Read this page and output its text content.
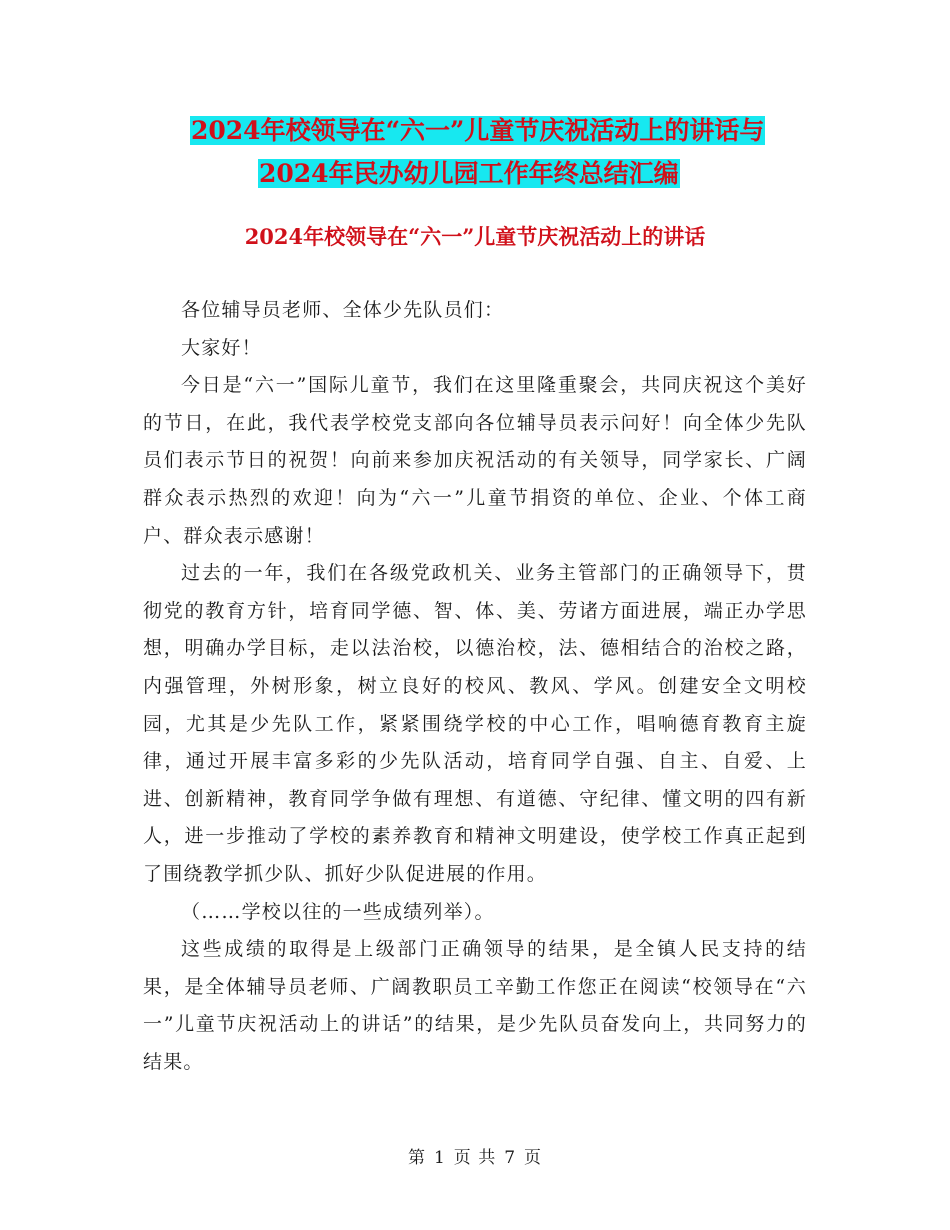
2024年校领导在“六一”儿童节庆祝活动上的讲话与
2024年民办幼儿园工作年终总结汇编
2024年校领导在“六一”儿童节庆祝活动上的讲话

各位辅导员老师、全体少先队员们：

大家好！

今日是“六一”国际儿童节，我们在这里隆重聚会，共同庆祝这个美好的节日，在此，我代表学校党支部向各位辅导员表示问好！向全体少先队员们表示节日的祝贺！向前来参加庆祝活动的有关领导，同学家长、广阔群众表示热烈的欢迎！向为“六一”儿童节捐资的单位、企业、个体工商户、群众表示感谢！

过去的一年，我们在各级党政机关、业务主管部门的正确领导下，贯彻党的教育方针，培育同学德、智、体、美、劳诸方面进展，端正办学思想，明确办学目标，走以法治校，以德治校，法、德相结合的治校之路，内强管理，外树形象，树立良好的校风、教风、学风。创建安全文明校园，尤其是少先队工作，紧紧围绕学校的中心工作，唱响德育教育主旋律，通过开展丰富多彩的少先队活动，培育同学自强、自主、自爱、上进、创新精神，教育同学争做有理想、有道德、守纪律、懂文明的四有新人，进一步推动了学校的素养教育和精神文明建设，使学校工作真正起到了围绕教学抓少队、抓好少队促进展的作用。

（……学校以往的一些成绩列举）。

这些成绩的取得是上级部门正确领导的结果，是全镇人民支持的结果，是全体辅导员老师、广阔教职员工辛勤工作您正在阅读“校领导在“六一”儿童节庆祝活动上的讲话”的结果，是少先队员奋发向上，共同努力的结果。

第 1 页 共 7 页
